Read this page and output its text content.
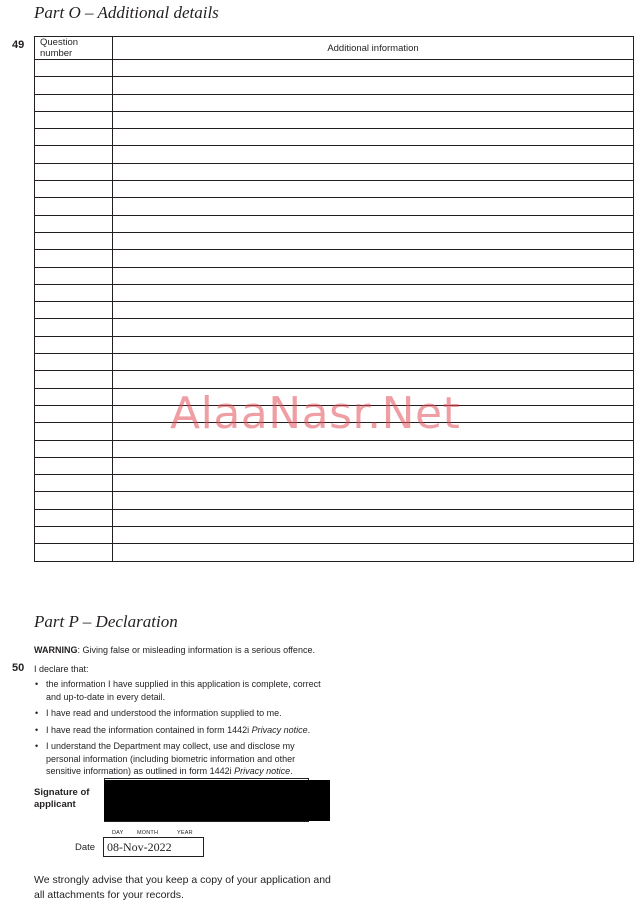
Part O – Additional details
49 Question number	Additional information

AlaaNasr.Net
Part P – Declaration
WARNING: Giving false or misleading information is a serious offence.
50 I declare that:
• the information I have supplied in this application is complete, correct and up-to-date in every detail.
• I have read and understood the information supplied to me.
• I have read the information contained in form 1442i Privacy notice.
• I understand the Department may collect, use and disclose my personal information (including biometric information and other sensitive information) as outlined in form 1442i Privacy notice.
Signature of
applicant
DAY MONTH	YEAR
Date 08-Nov-2022
We strongly advise that you keep a copy of your application and all attachments for your records.
